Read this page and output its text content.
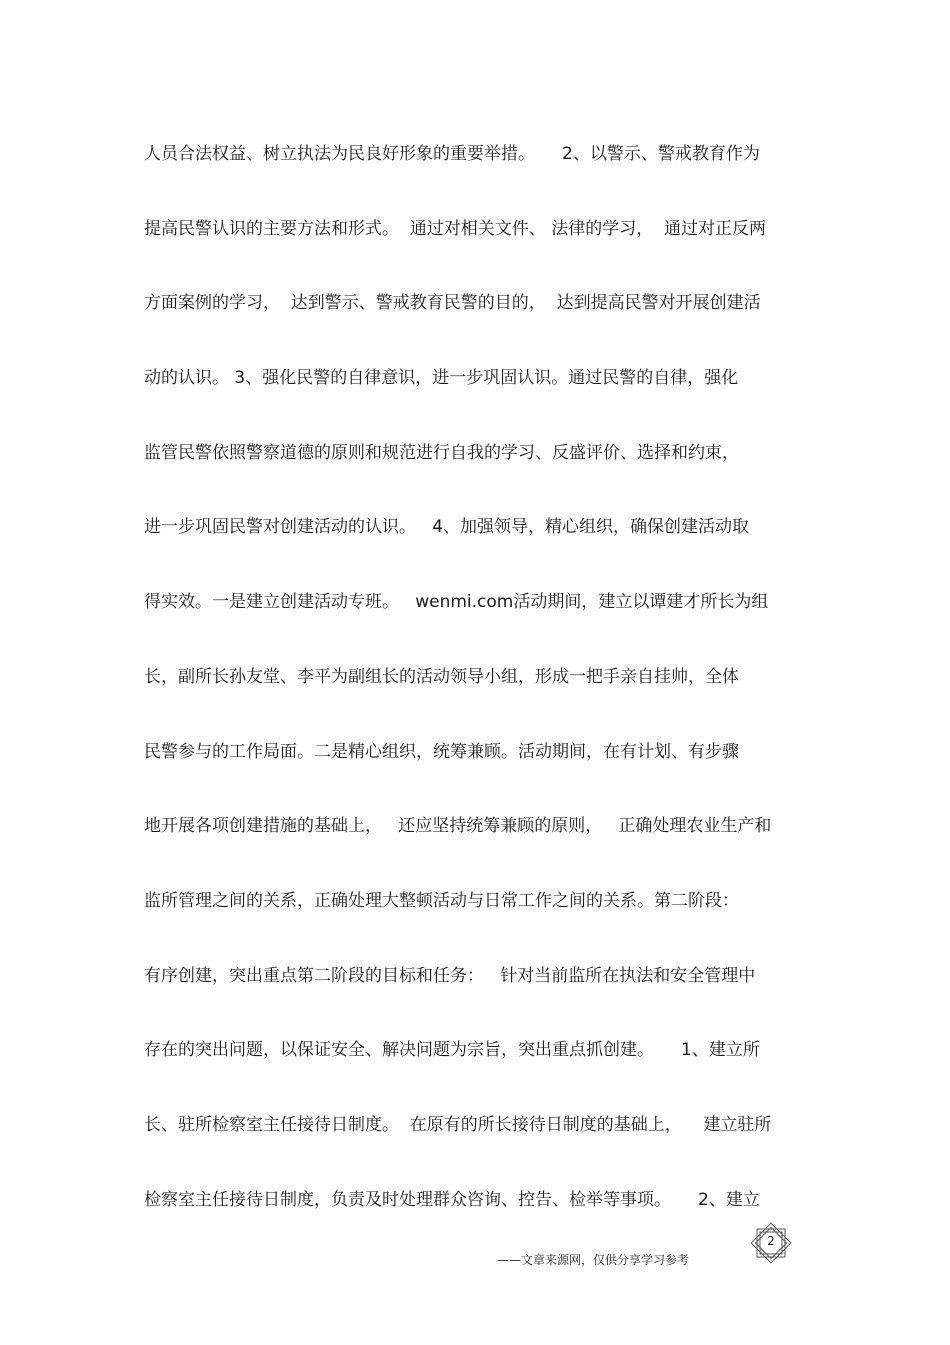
人员合法权益、树立执法为民良好形象的重要举措。     2、以警示、警戒教育作为
提高民警认识的主要方法和形式。  通过对相关文件、 法律的学习，  通过对正反两
方面案例的学习，  达到警示、警戒教育民警的目的，  达到提高民警对开展创建活
动的认识。 3、强化民警的自律意识，进一步巩固认识。通过民警的自律，强化
监管民警依照警察道德的原则和规范进行自我的学习、反盛评价、选择和约束，
进一步巩固民警对创建活动的认识。   4、加强领导，精心组织，确保创建活动取
得实效。一是建立创建活动专班。   wenmi.com活动期间，建立以谭建才所长为组
长，副所长孙友堂、李平为副组长的活动领导小组，形成一把手亲自挂帅，全体
民警参与的工作局面。二是精心组织，统筹兼顾。活动期间，在有计划、有步骤
地开展各项创建措施的基础上，   还应坚持统筹兼顾的原则，   正确处理农业生产和
监所管理之间的关系，正确处理大整顿活动与日常工作之间的关系。第二阶段：
有序创建，突出重点第二阶段的目标和任务：   针对当前监所在执法和安全管理中
存在的突出问题，以保证安全、解决问题为宗旨，突出重点抓创建。     1、建立所
长、驻所检察室主任接待日制度。  在原有的所长接待日制度的基础上，    建立驻所
检察室主任接待日制度，负责及时处理群众咨询、控告、检举等事项。     2、建立
2
——文章来源网，仅供分享学习参考
